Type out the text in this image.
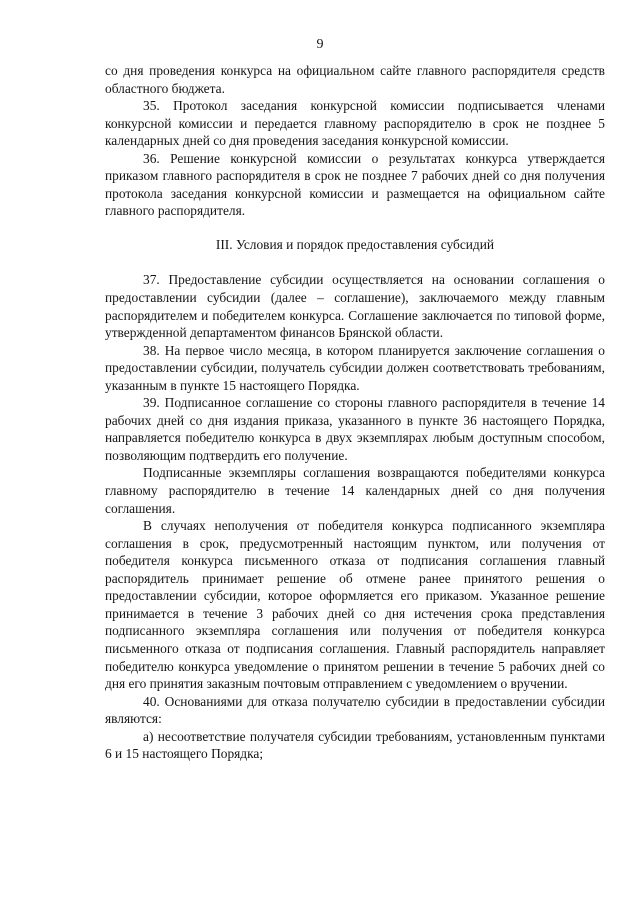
9

со дня проведения конкурса на официальном сайте главного распорядителя средств областного бюджета.

35. Протокол заседания конкурсной комиссии подписывается членами конкурсной комиссии и передается главному распорядителю в срок не позднее 5 календарных дней со дня проведения заседания конкурсной комиссии.

36. Решение конкурсной комиссии о результатах конкурса утверждается приказом главного распорядителя в срок не позднее 7 рабочих дней со дня получения протокола заседания конкурсной комиссии и размещается на официальном сайте главного распорядителя.

III. Условия и порядок предоставления субсидий

37. Предоставление субсидии осуществляется на основании соглашения о предоставлении субсидии (далее – соглашение), заключаемого между главным распорядителем и победителем конкурса. Соглашение заключается по типовой форме, утвержденной департаментом финансов Брянской области.

38. На первое число месяца, в котором планируется заключение соглашения о предоставлении субсидии, получатель субсидии должен соответствовать требованиям, указанным в пункте 15 настоящего Порядка.

39. Подписанное соглашение со стороны главного распорядителя в течение 14 рабочих дней со дня издания приказа, указанного в пункте 36 настоящего Порядка, направляется победителю конкурса в двух экземплярах любым доступным способом, позволяющим подтвердить его получение.

Подписанные экземпляры соглашения возвращаются победителями конкурса главному распорядителю в течение 14 календарных дней со дня получения соглашения.

В случаях неполучения от победителя конкурса подписанного экземпляра соглашения в срок, предусмотренный настоящим пунктом, или получения от победителя конкурса письменного отказа от подписания соглашения главный распорядитель принимает решение об отмене ранее принятого решения о предоставлении субсидии, которое оформляется его приказом. Указанное решение принимается в течение 3 рабочих дней со дня истечения срока представления подписанного экземпляра соглашения или получения от победителя конкурса письменного отказа от подписания соглашения. Главный распорядитель направляет победителю конкурса уведомление о принятом решении в течение 5 рабочих дней со дня его принятия заказным почтовым отправлением с уведомлением о вручении.

40. Основаниями для отказа получателю субсидии в предоставлении субсидии являются:

а) несоответствие получателя субсидии требованиям, установленным пунктами 6 и 15 настоящего Порядка;
